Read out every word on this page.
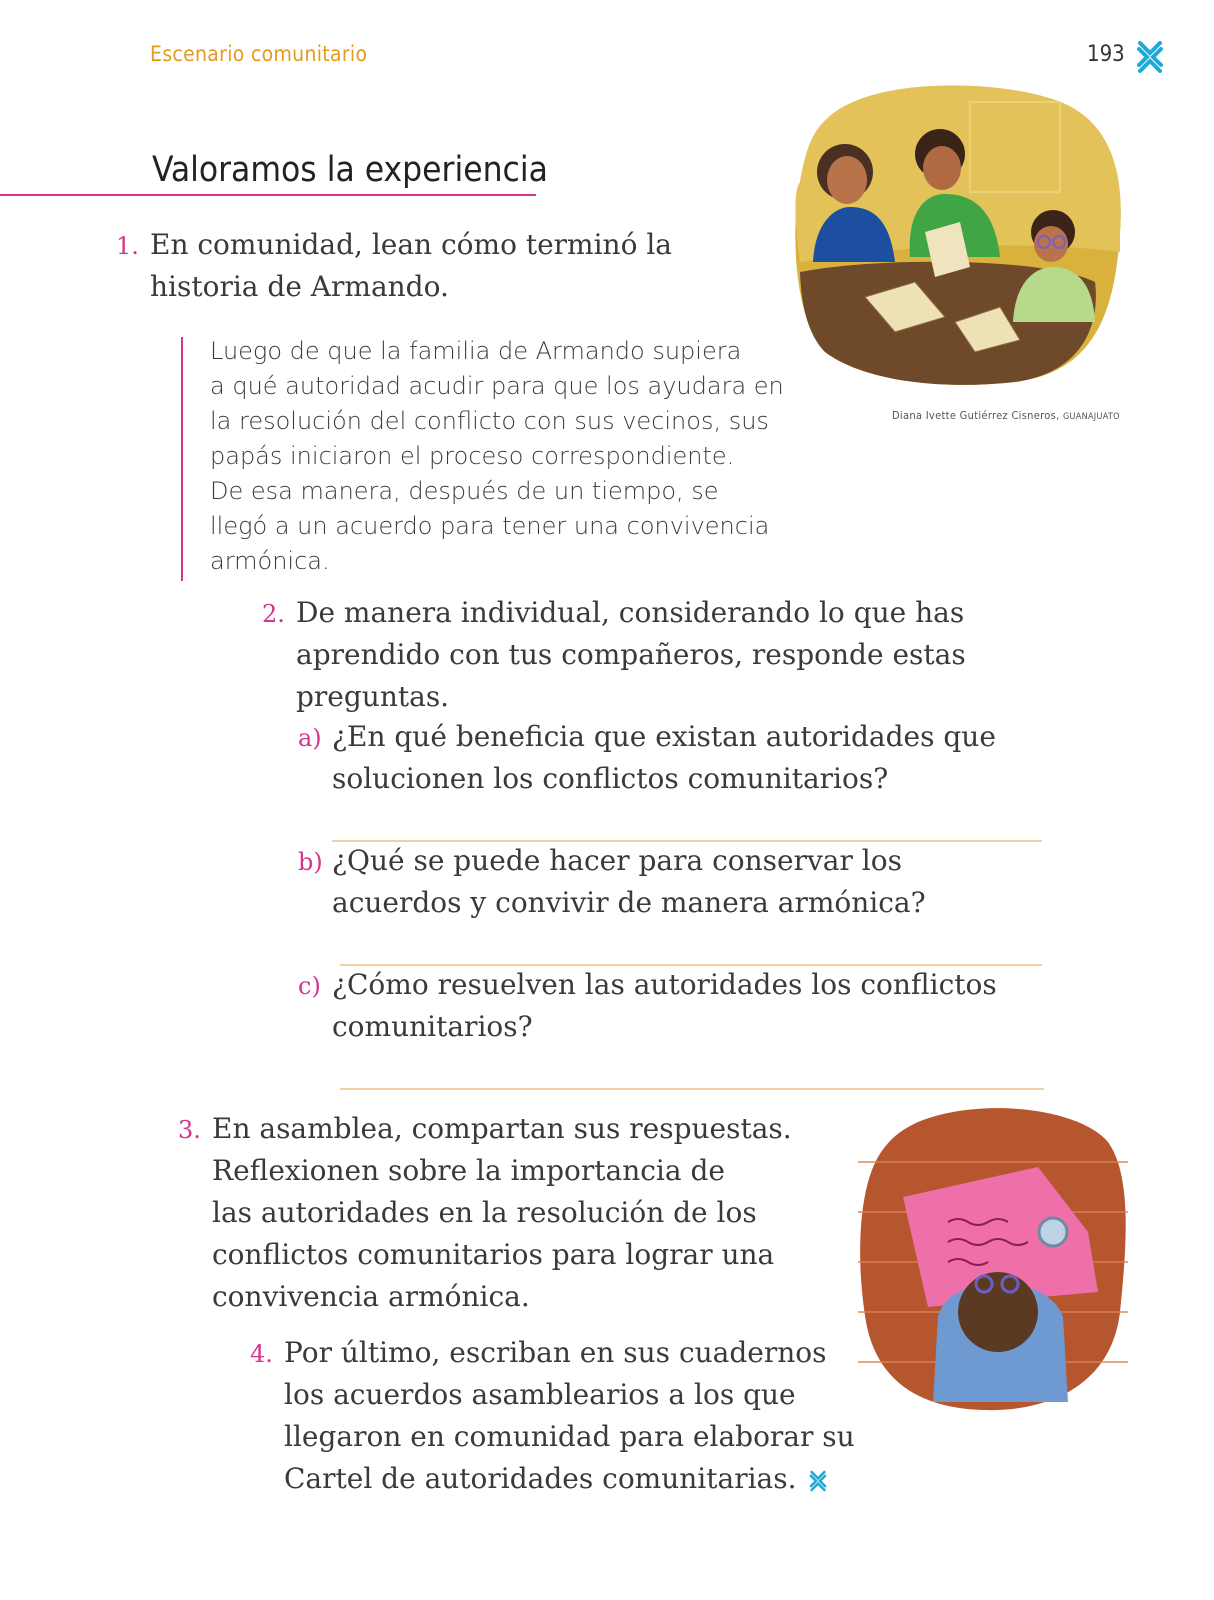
Escenario comunitario	193
Valoramos la experiencia
Diana Ivette Gutiérrez Cisneros, GUANAJUATO
1. En comunidad, lean cómo terminó la
historia de Armando.
Luego de que la familia de Armando supiera
a qué autoridad acudir para que los ayudara en
la resolución del conflicto con sus vecinos, sus
papás iniciaron el proceso correspondiente.
De esa manera, después de un tiempo, se
llegó a un acuerdo para tener una convivencia
armónica.
2. De manera individual, considerando lo que has
aprendido con tus compañeros, responde estas
preguntas.
a) ¿En qué beneficia que existan autoridades que
solucionen los conflictos comunitarios?
b) ¿Qué se puede hacer para conservar los
acuerdos y convivir de manera armónica?
c) ¿Cómo resuelven las autoridades los conflictos
comunitarios?
3. En asamblea, compartan sus respuestas.
Reflexionen sobre la importancia de
las autoridades en la resolución de los
conflictos comunitarios para lograr una
convivencia armónica.
4. Por último, escriban en sus cuadernos
los acuerdos asamblearios a los que
llegaron en comunidad para elaborar su
Cartel de autoridades comunitarias.
